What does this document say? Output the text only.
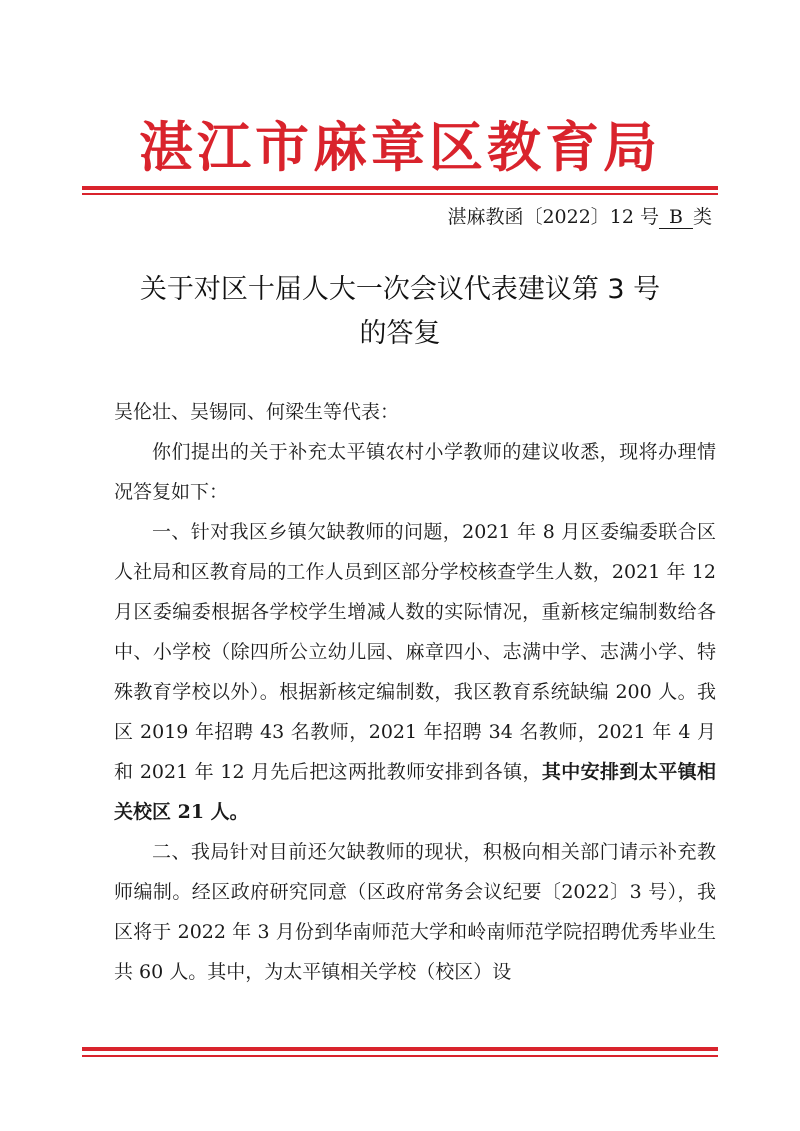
湛江市麻章区教育局
湛麻教函〔2022〕12 号 B 类
关于对区十届人大一次会议代表建议第 3 号
的答复

吴伦壮、吴锡同、何梁生等代表：

你们提出的关于补充太平镇农村小学教师的建议收悉，现将办理情况答复如下：

一、针对我区乡镇欠缺教师的问题，2021 年 8 月区委编委联合区人社局和区教育局的工作人员到区部分学校核查学生人数，2021 年 12 月区委编委根据各学校学生增减人数的实际情况，重新核定编制数给各中、小学校（除四所公立幼儿园、麻章四小、志满中学、志满小学、特殊教育学校以外）。根据新核定编制数，我区教育系统缺编 200 人。我区 2019 年招聘 43 名教师，2021 年招聘 34 名教师，2021 年 4 月和 2021 年 12 月先后把这两批教师安排到各镇，其中安排到太平镇相关校区 21 人。

二、我局针对目前还欠缺教师的现状，积极向相关部门请示补充教师编制。经区政府研究同意（区政府常务会议纪要〔2022〕3 号），我区将于 2022 年 3 月份到华南师范大学和岭南师范学院招聘优秀毕业生共 60 人。其中，为太平镇相关学校（校区）设
